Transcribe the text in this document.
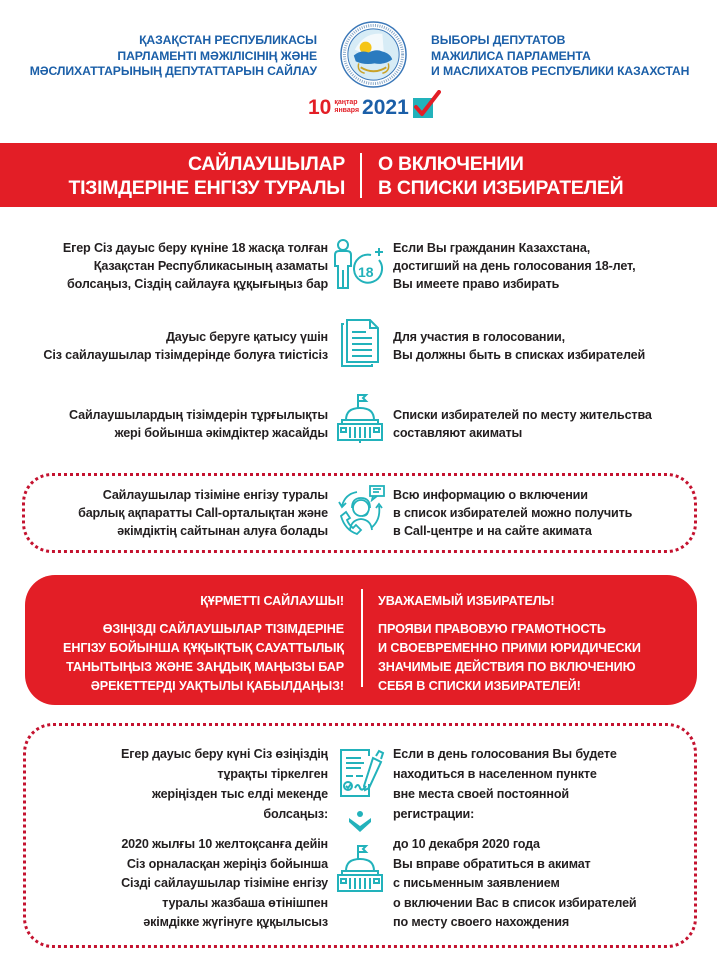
ҚАЗАҚСТАН РЕСПУБЛИКАСЫ
ПАРЛАМЕНТІ МӘЖІЛІСІНІҢ ЖӘНЕ
МӘСЛИХАТТАРЫНЫҢ ДЕПУТАТТАРЫН САЙЛАУ
ВЫБОРЫ ДЕПУТАТОВ
МАЖИЛИСА ПАРЛАМЕНТА
И МАСЛИХАТОВ РЕСПУБЛИКИ КАЗАХСТАН
10 қаңтар
января 2021
САЙЛАУШЫЛАР
ТІЗІМДЕРІНЕ ЕНГІЗУ ТУРАЛЫ
О ВКЛЮЧЕНИИ
В СПИСКИ ИЗБИРАТЕЛЕЙ
Егер Сіз дауыс беру күніне 18 жасқа толған
Қазақстан Республикасының азаматы
болсаңыз, Сіздің сайлауға құқығыңыз бар
18
Если Вы гражданин Казахстана,
достигший на день голосования 18-лет,
Вы имеете право избирать
Дауыс беруге қатысу үшін
Сіз сайлаушылар тізімдерінде болуға тиістісіз
Для участия в голосовании,
Вы должны быть в списках избирателей
Сайлаушылардың тізімдерін тұрғылықты
жері бойынша әкімдіктер жасайды
Списки избирателей по месту жительства
составляют акиматы
Сайлаушылар тізіміне енгізу туралы
барлық ақпаратты Call-орталықтан және
әкімдіктің сайтынан алуға болады
Всю информацию о включении
в список избирателей можно получить
в Call-центре и на сайте акимата
ҚҰРМЕТТІ САЙЛАУШЫ!	УВАЖАЕМЫЙ ИЗБИРАТЕЛЬ!
ӨЗІҢІЗДІ САЙЛАУШЫЛАР ТІЗІМДЕРІНЕ
ЕНГІЗУ БОЙЫНША ҚҰҚЫҚТЫҚ САУАТТЫЛЫҚ
ТАНЫТЫҢЫЗ ЖӘНЕ ЗАҢДЫҚ МАҢЫЗЫ БАР
ӘРЕКЕТТЕРДІ УАҚТЫЛЫ ҚАБЫЛДАҢЫЗ!
ПРОЯВИ ПРАВОВУЮ ГРАМОТНОСТЬ
И СВОЕВРЕМЕННО ПРИМИ ЮРИДИЧЕСКИ
ЗНАЧИМЫЕ ДЕЙСТВИЯ ПО ВКЛЮЧЕНИЮ
СЕБЯ В СПИСКИ ИЗБИРАТЕЛЕЙ!
Егер дауыс беру күні Сіз өзіңіздің
тұрақты тіркелген
жеріңізден тыс елді мекенде
болсаңыз:
Если в день голосования Вы будете
находиться в населенном пункте
вне места своей постоянной
регистрации:
2020 жылғы 10 желтоқсанға дейін
Сіз орналасқан жеріңіз бойынша
Сізді сайлаушылар тізіміне енгізу
туралы жазбаша өтінішпен
әкімдікке жүгінуге құқылысыз
до 10 декабря 2020 года
Вы вправе обратиться в акимат
с письменным заявлением
о включении Вас в список избирателей
по месту своего нахождения
